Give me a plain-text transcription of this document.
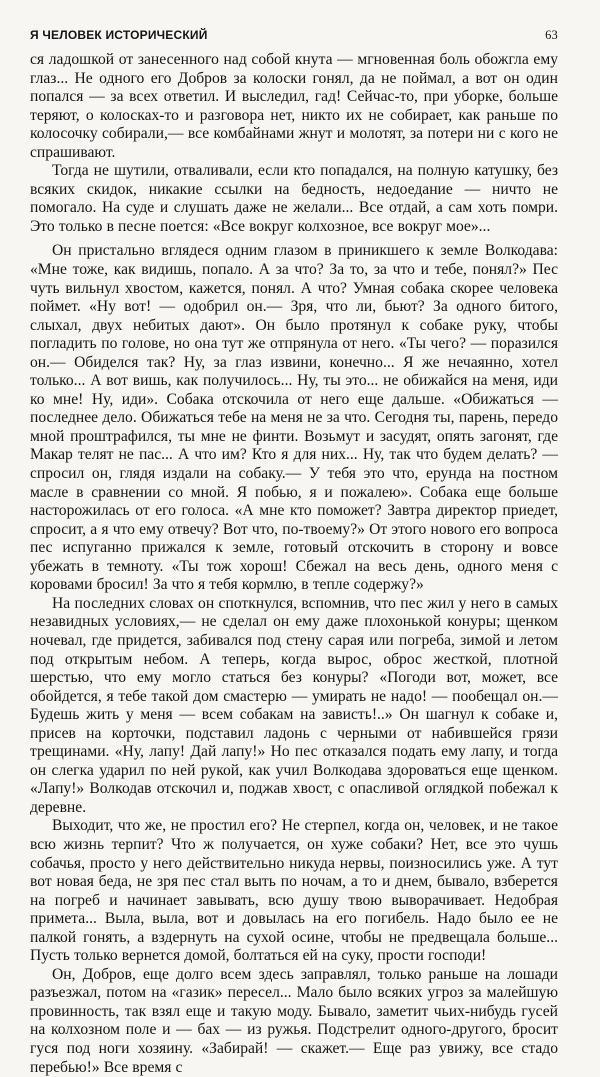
Я ЧЕЛОВЕК ИСТОРИЧЕСКИЙ	63

ся ладошкой от занесенного над собой кнута — мгновенная боль обожгла ему глаз... Не одного его Добров за колоски гонял, да не поймал, а вот он один попался — за всех ответил. И выследил, гад! Сейчас-то, при уборке, больше теряют, о колосках-то и разговора нет, никто их не собирает, как раньше по колосочку собирали,— все комбайнами жнут и молотят, за потери ни с кого не спрашивают.

Тогда не шутили, отваливали, если кто попадался, на полную катушку, без всяких скидок, никакие ссылки на бедность, недоедание — ничто не помогало. На суде и слушать даже не желали... Все отдай, а сам хоть помри. Это только в песне поется: «Все вокруг колхозное, все вокруг мое»...

Он пристально вглядеся одним глазом в приникшего к земле Волкодава: «Мне тоже, как видишь, попало. А за что? За то, за что и тебе, понял?» Пес чуть вильнул хвостом, кажется, понял. А что? Умная собака скорее человека поймет. «Ну вот! — одобрил он.— Зря, что ли, бьют? За одного битого, слыхал, двух небитых дают». Он было протянул к собаке руку, чтобы погладить по голове, но она тут же отпрянула от него. «Ты чего? — поразился он.— Обиделся так? Ну, за глаз извини, конечно... Я же нечаянно, хотел только... А вот вишь, как получилось... Ну, ты это... не обижайся на меня, иди ко мне! Ну, иди». Собака отскочила от него еще дальше. «Обижаться — последнее дело. Обижаться тебе на меня не за что. Сегодня ты, парень, передо мной проштрафился, ты мне не финти. Возьмут и засудят, опять загонят, где Макар телят не пас... А что им? Кто я для них... Ну, так что будем делать? — спросил он, глядя издали на собаку.— У тебя это что, ерунда на постном масле в сравнении со мной. Я побью, я и пожалею». Собака еще больше насторожилась от его голоса. «А мне кто поможет? Завтра директор приедет, спросит, а я что ему отвечу? Вот что, по-твоему?» От этого нового его вопроса пес испуганно прижался к земле, готовый отскочить в сторону и вовсе убежать в темноту. «Ты тож хорош! Сбежал на весь день, одного меня с коровами бросил! За что я тебя кормлю, в тепле содержу?»

На последних словах он споткнулся, вспомнив, что пес жил у него в самых незавидных условиях,— не сделал он ему даже плохонькой конуры; щенком ночевал, где придется, забивался под стену сарая или погреба, зимой и летом под открытым небом. А теперь, когда вырос, оброс жесткой, плотной шерстью, что ему могло статься без конуры? «Погоди вот, может, все обойдется, я тебе такой дом смастерю — умирать не надо! — пообещал он.— Будешь жить у меня — всем собакам на зависть!..» Он шагнул к собаке и, присев на корточки, подставил ладонь с черными от набившейся грязи трещинами. «Ну, лапу! Дай лапу!» Но пес отказался подать ему лапу, и тогда он слегка ударил по ней рукой, как учил Волкодава здороваться еще щенком. «Лапу!» Волкодав отскочил и, поджав хвост, с опасливой оглядкой побежал к деревне.

Выходит, что же, не простил его? Не стерпел, когда он, человек, и не такое всю жизнь терпит? Что ж получается, он хуже собаки? Нет, все это чушь собачья, просто у него действительно никуда нервы, поизносились уже. А тут вот новая беда, не зря пес стал выть по ночам, а то и днем, бывало, взберется на погреб и начинает завывать, всю душу твою выворачивает. Недобрая примета... Выла, выла, вот и довылась на его погибель. Надо было ее не палкой гонять, а вздернуть на сухой осине, чтобы не предвещала больше... Пусть только вернется домой, болтаться ей на суку, прости господи!

Он, Добров, еще долго всем здесь заправлял, только раньше на лошади разъезжал, потом на «газик» пересел... Мало было всяких угроз за малейшую провинность, так взял еще и такую моду. Бывало, заметит чьих-нибудь гусей на колхозном поле и — бах — из ружья. Подстрелит одного-другого, бросит гуся под ноги хозяину. «Забирай! — скажет.— Еще раз увижу, все стадо перебью!» Все время с
